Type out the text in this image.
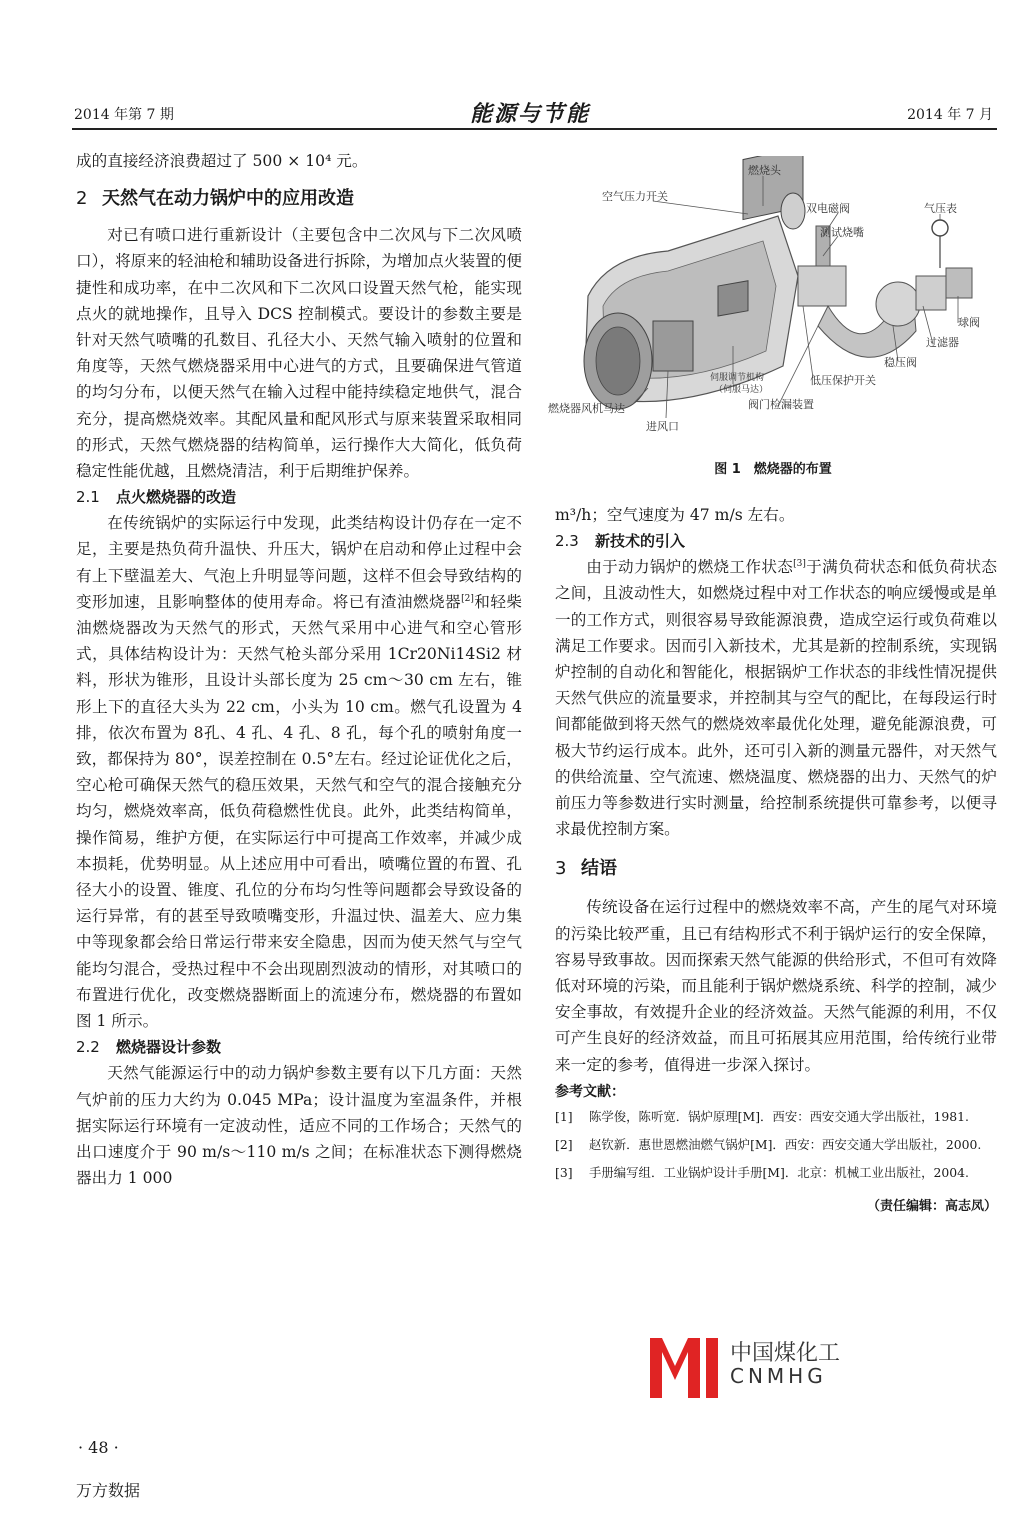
2014 年第 7 期	能源与节能	2014 年 7 月

成的直接经济浪费超过了 500 × 10⁴ 元。

2 天然气在动力锅炉中的应用改造

对已有喷口进行重新设计（主要包含中二次风与下二次风喷口），将原来的轻油枪和辅助设备进行拆除，为增加点火装置的便捷性和成功率，在中二次风和下二次风口设置天然气枪，能实现点火的就地操作，且导入 DCS 控制模式。要设计的参数主要是针对天然气喷嘴的孔数目、孔径大小、天然气输入喷射的位置和角度等，天然气燃烧器采用中心进气的方式，且要确保进气管道的均匀分布，以便天然气在输入过程中能持续稳定地供气，混合充分，提高燃烧效率。其配风量和配风形式与原来装置采取相同的形式，天然气燃烧器的结构简单，运行操作大大简化，低负荷稳定性能优越，且燃烧清洁，利于后期维护保养。

2.1 点火燃烧器的改造

在传统锅炉的实际运行中发现，此类结构设计仍存在一定不足，主要是热负荷升温快、升压大，锅炉在启动和停止过程中会有上下壁温差大、气泡上升明显等问题，这样不但会导致结构的变形加速，且影响整体的使用寿命。将已有渣油燃烧器[2]和轻柴油燃烧器改为天然气的形式，天然气采用中心进气和空心管形式，具体结构设计为：天然气枪头部分采用 1Cr20Ni14Si2 材料，形状为锥形，且设计头部长度为 25 cm～30 cm 左右，锥形上下的直径大头为 22 cm，小头为 10 cm。燃气孔设置为 4 排，依次布置为 8孔、4 孔、4 孔、8 孔，每个孔的喷射角度一致，都保持为 80°，误差控制在 0.5°左右。经过论证优化之后，空心枪可确保天然气的稳压效果，天然气和空气的混合接触充分均匀，燃烧效率高，低负荷稳燃性优良。此外，此类结构简单，操作简易，维护方便，在实际运行中可提高工作效率，并减少成本损耗，优势明显。从上述应用中可看出，喷嘴位置的布置、孔径大小的设置、锥度、孔位的分布均匀性等问题都会导致设备的运行异常，有的甚至导致喷嘴变形，升温过快、温差大、应力集中等现象都会给日常运行带来安全隐患，因而为使天然气与空气能均匀混合，受热过程中不会出现剧烈波动的情形，对其喷口的布置进行优化，改变燃烧器断面上的流速分布，燃烧器的布置如图 1 所示。

2.2 燃烧器设计参数

天然气能源运行中的动力锅炉参数主要有以下几方面：天然气炉前的压力大约为 0.045 MPa；设计温度为室温条件，并根据实际运行环境有一定波动性，适应不同的工作场合；天然气的出口速度介于 90 m/s～110 m/s 之间；在标准状态下测得燃烧器出力 1 000

燃烧头
空气压力开关
双电磁阀
测试烧嘴
气压表
球阀
过滤器
稳压阀
低压保护开关
阀门检漏装置
伺服调节机构
（伺服马达）
燃烧器风机马达
进风口
图 1　燃烧器的布置

m³/h；空气速度为 47 m/s 左右。

2.3 新技术的引入

由于动力锅炉的燃烧工作状态[3]于满负荷状态和低负荷状态之间，且波动性大，如燃烧过程中对工作状态的响应缓慢或是单一的工作方式，则很容易导致能源浪费，造成空运行或负荷难以满足工作要求。因而引入新技术，尤其是新的控制系统，实现锅炉控制的自动化和智能化，根据锅炉工作状态的非线性情况提供天然气供应的流量要求，并控制其与空气的配比，在每段运行时间都能做到将天然气的燃烧效率最优化处理，避免能源浪费，可极大节约运行成本。此外，还可引入新的测量元器件，对天然气的供给流量、空气流速、燃烧温度、燃烧器的出力、天然气的炉前压力等参数进行实时测量，给控制系统提供可靠参考，以便寻求最优控制方案。

3 结语

传统设备在运行过程中的燃烧效率不高，产生的尾气对环境的污染比较严重，且已有结构形式不利于锅炉运行的安全保障，容易导致事故。因而探索天然气能源的供给形式，不但可有效降低对环境的污染，而且能利于锅炉燃烧系统、科学的控制，减少安全事故，有效提升企业的经济效益。天然气能源的利用，不仅可产生良好的经济效益，而且可拓展其应用范围，给传统行业带来一定的参考，值得进一步深入探讨。

参考文献：
[1]	陈学俊，陈听宽．锅炉原理[M]．西安：西安交通大学出版社，1981.
[2]	赵钦新．惠世恩燃油燃气锅炉[M]．西安：西安交通大学出版社，2000.
[3]	手册编写组．工业锅炉设计手册[M]．北京：机械工业出版社，2004.
（责任编辑：高志凤）
中国煤化工
CNMHG
· 48 ·
万方数据
